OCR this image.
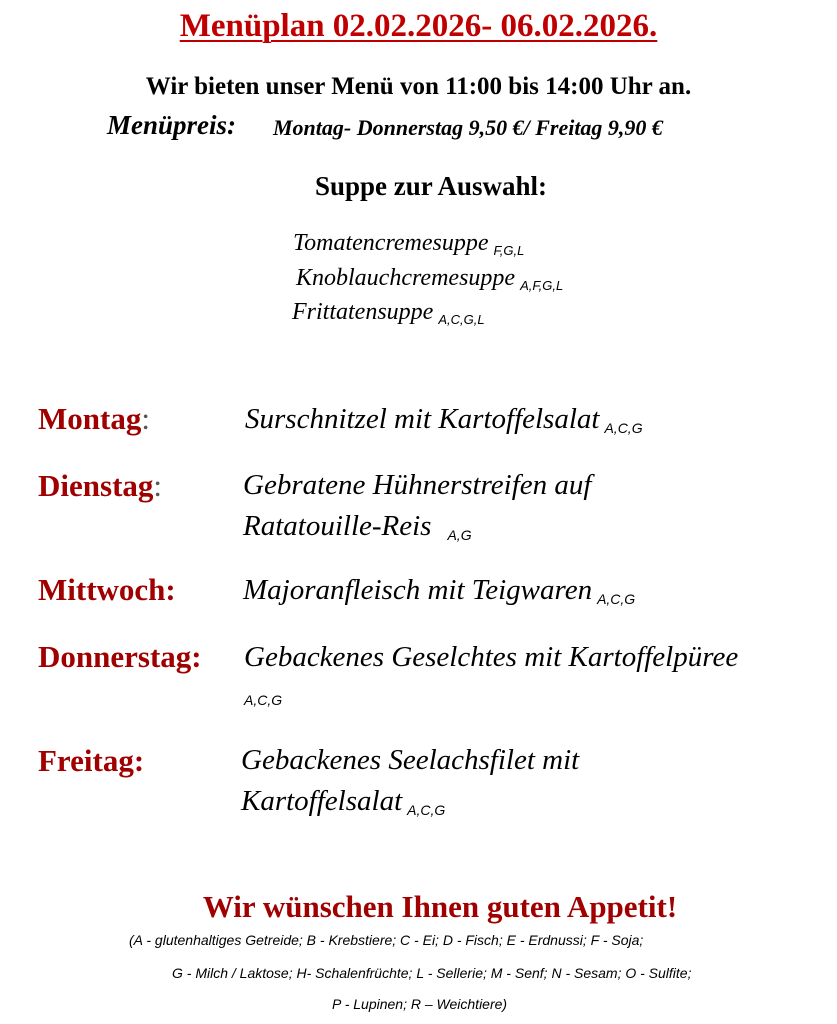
Menüplan 02.02.2026- 06.02.2026.
Wir bieten unser Menü von 11:00 bis 14:00 Uhr an.
Menüpreis: Montag- Donnerstag 9,50 €/ Freitag 9,90 €
Suppe zur Auswahl:
Tomatencremesuppe $_{F,G,L}$
Knoblauchcremesuppe $_{A,F,G,L}$
Frittatensuppe $_{A,C,G,L}$
Montag:	Surschnitzel mit Kartoffelsalat $_{A,C,G}$
Dienstag:	Gebratene Hühnerstreifen auf
Ratatouille-Reis $_{A,G}$
Mittwoch: Majoranfleisch mit Teigwaren $_{A,C,G}$
Donnerstag: Gebackenes Geselchtes mit Kartoffelpüree
A,C,G
Freitag:	Gebackenes Seelachsfilet mit
Kartoffelsalat $_{A,C,G}$
Wir wünschen Ihnen guten Appetit!
(A - glutenhaltiges Getreide; B - Krebstiere; C - Ei; D - Fisch; E - Erdnussi; F - Soja;
G - Milch / Laktose; H- Schalenfrüchte; L - Sellerie; M - Senf; N - Sesam; O - Sulfite;
P - Lupinen; R – Weichtiere)
